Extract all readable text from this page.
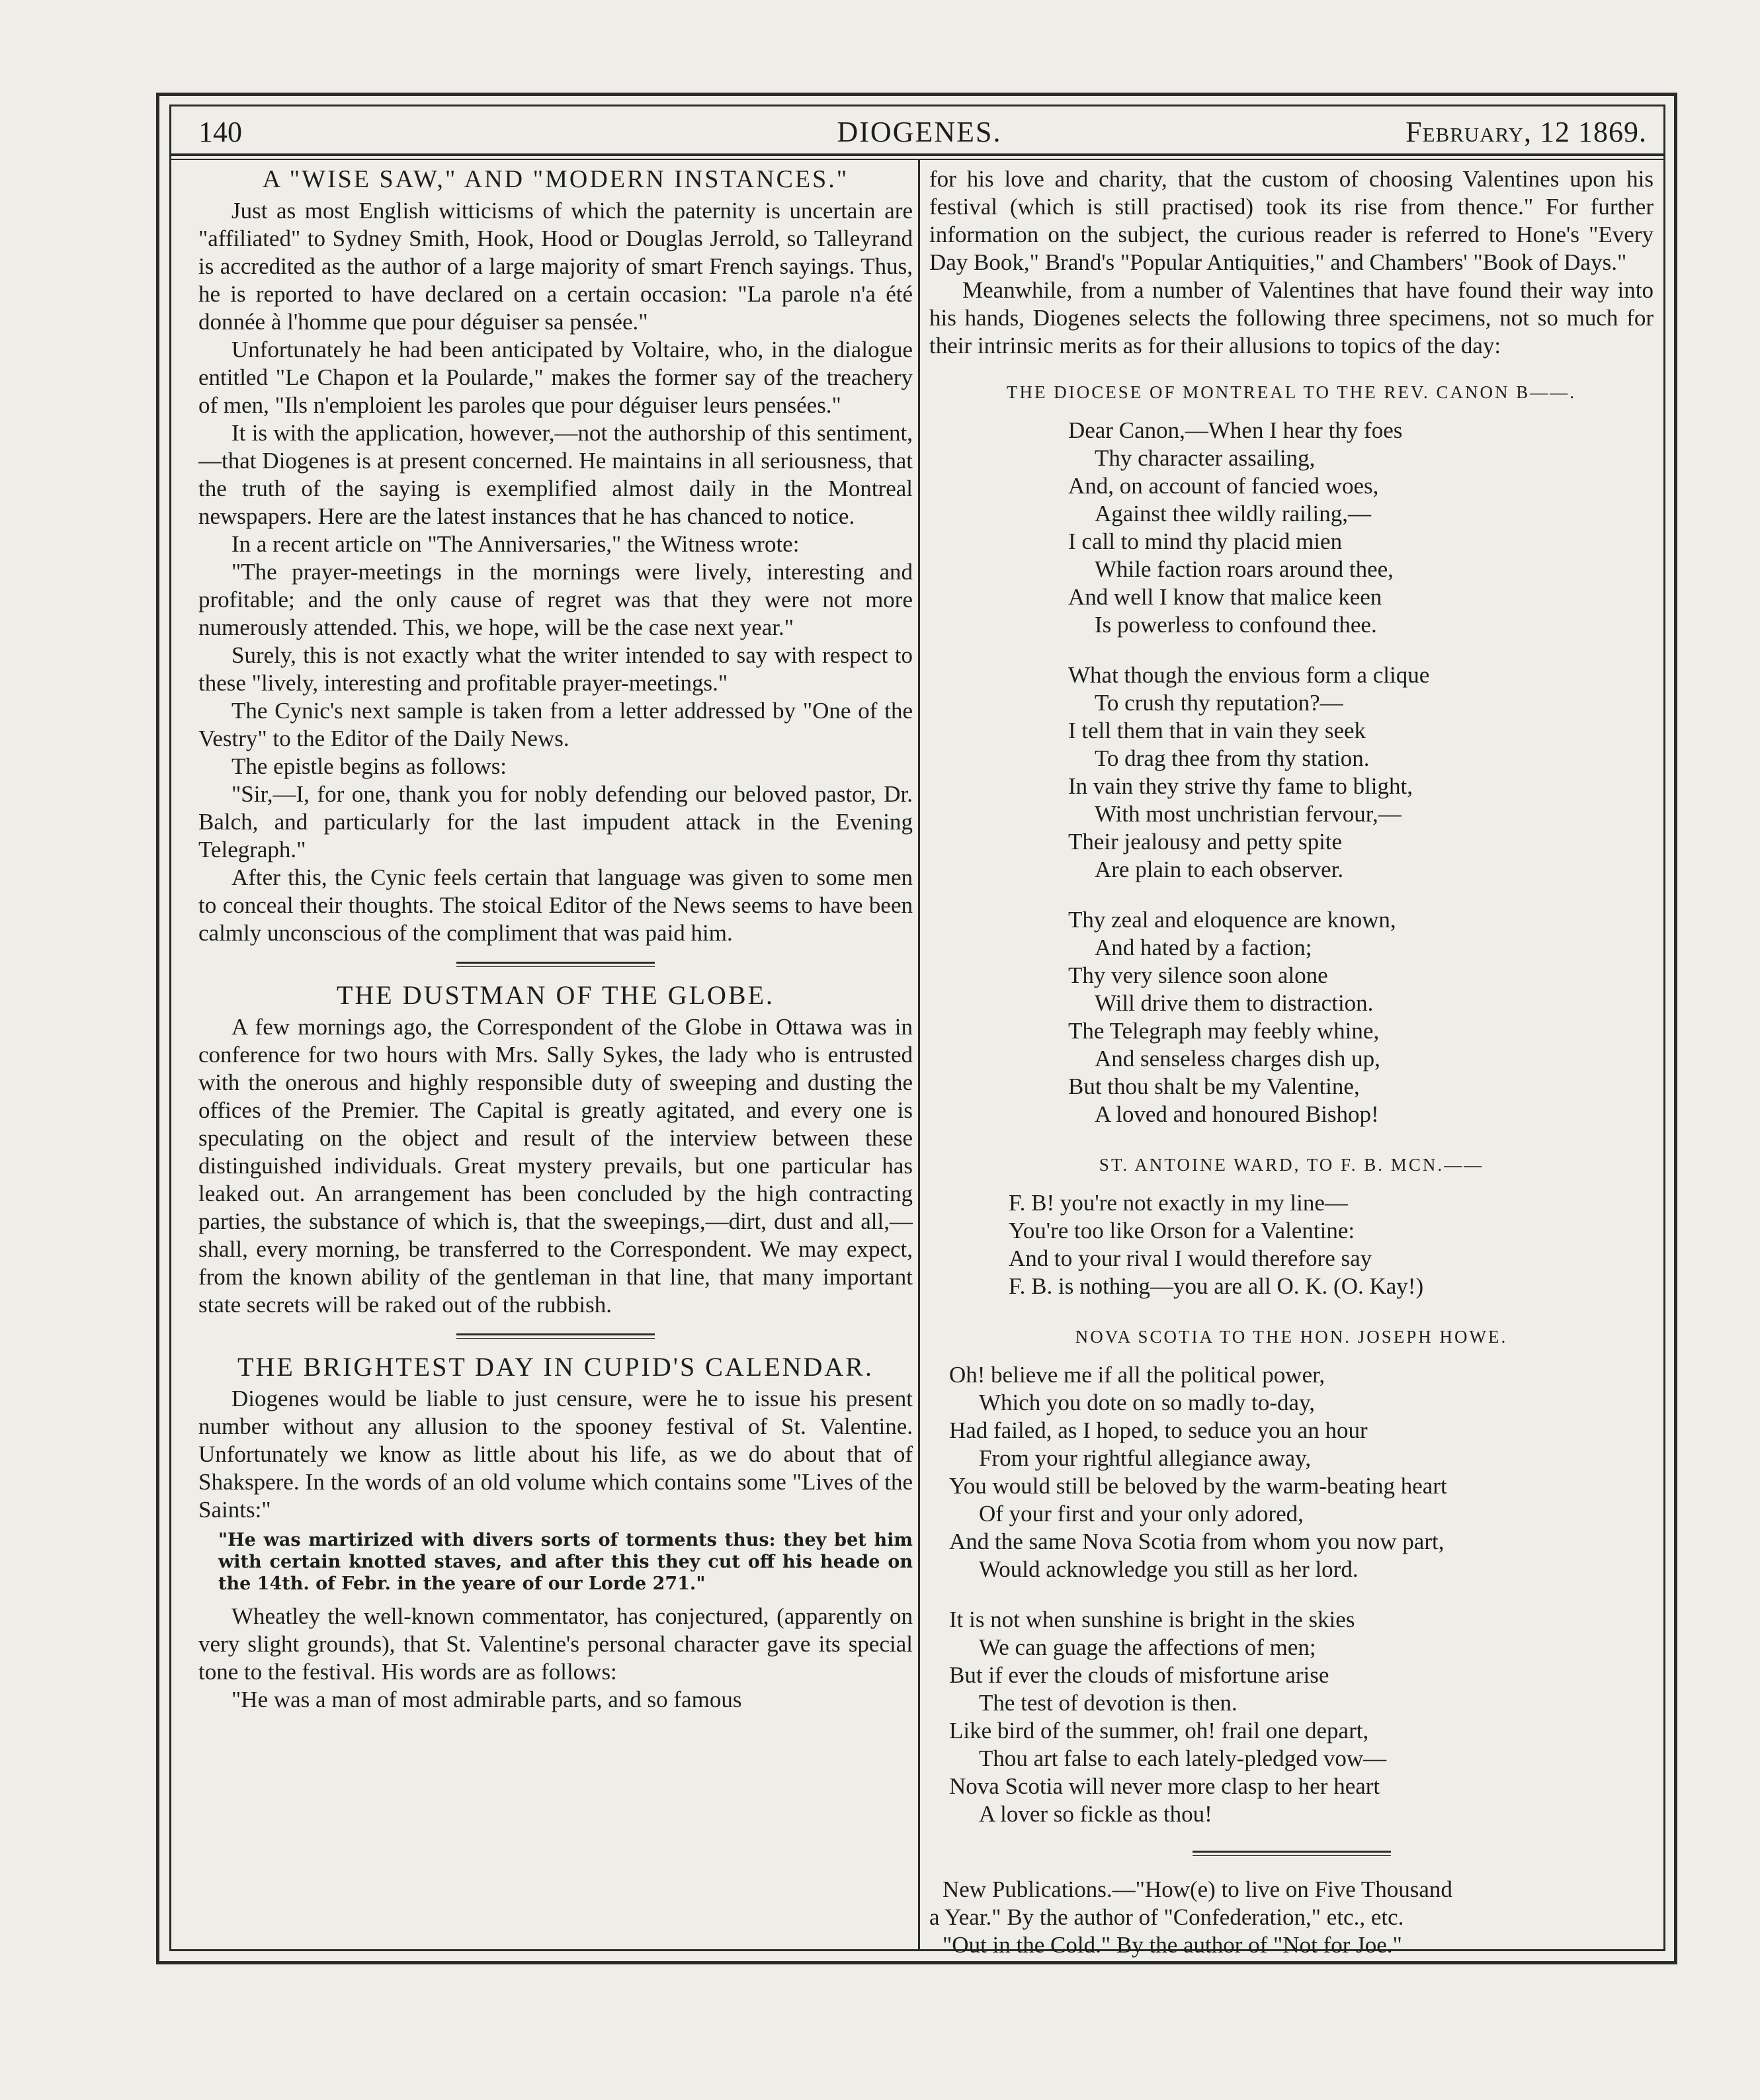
140	DIOGENES.	February, 12 1869.
A "WISE SAW," AND "MODERN INSTANCES."

Just as most English witticisms of which the paternity is uncertain are "affiliated" to Sydney Smith, Hook, Hood or Douglas Jerrold, so Talleyrand is accredited as the author of a large majority of smart French sayings. Thus, he is reported to have declared on a certain occasion: "La parole n'a été donnée à l'homme que pour déguiser sa pensée."

Unfortunately he had been anticipated by Voltaire, who, in the dialogue entitled "Le Chapon et la Poularde," makes the former say of the treachery of men, "Ils n'emploient les paroles que pour déguiser leurs pensées."

It is with the application, however,—not the authorship of this sentiment,—that Diogenes is at present concerned. He maintains in all seriousness, that the truth of the saying is exemplified almost daily in the Montreal newspapers. Here are the latest instances that he has chanced to notice.

In a recent article on "The Anniversaries," the Witness wrote:

"The prayer-meetings in the mornings were lively, interesting and profitable; and the only cause of regret was that they were not more numerously attended. This, we hope, will be the case next year."

Surely, this is not exactly what the writer intended to say with respect to these "lively, interesting and profitable prayer-meetings."

The Cynic's next sample is taken from a letter addressed by "One of the Vestry" to the Editor of the Daily News.

The epistle begins as follows:

"Sir,—I, for one, thank you for nobly defending our beloved pastor, Dr. Balch, and particularly for the last impudent attack in the Evening Telegraph."

After this, the Cynic feels certain that language was given to some men to conceal their thoughts. The stoical Editor of the News seems to have been calmly unconscious of the compliment that was paid him.

THE DUSTMAN OF THE GLOBE.

A few mornings ago, the Correspondent of the Globe in Ottawa was in conference for two hours with Mrs. Sally Sykes, the lady who is entrusted with the onerous and highly responsible duty of sweeping and dusting the offices of the Premier. The Capital is greatly agitated, and every one is speculating on the object and result of the interview between these distinguished individuals. Great mystery prevails, but one particular has leaked out. An arrangement has been concluded by the high contracting parties, the substance of which is, that the sweepings,—dirt, dust and all,—shall, every morning, be transferred to the Correspondent. We may expect, from the known ability of the gentleman in that line, that many important state secrets will be raked out of the rubbish.

THE BRIGHTEST DAY IN CUPID'S CALENDAR.

Diogenes would be liable to just censure, were he to issue his present number without any allusion to the spooney festival of St. Valentine. Unfortunately we know as little about his life, as we do about that of Shakspere. In the words of an old volume which contains some "Lives of the Saints:"

"He was martirized with divers sorts of torments thus: they bet him with certain knotted staves, and after this they cut off his heade on the 14th. of Febr. in the yeare of our Lorde 271."

Wheatley the well-known commentator, has conjectured, (apparently on very slight grounds), that St. Valentine's personal character gave its special tone to the festival. His words are as follows:

"He was a man of most admirable parts, and so famous

for his love and charity, that the custom of choosing Valentines upon his festival (which is still practised) took its rise from thence." For further information on the subject, the curious reader is referred to Hone's "Every Day Book," Brand's "Popular Antiquities," and Chambers' "Book of Days."

Meanwhile, from a number of Valentines that have found their way into his hands, Diogenes selects the following three specimens, not so much for their intrinsic merits as for their allusions to topics of the day:

THE DIOCESE OF MONTREAL TO THE REV. CANON B——.
Dear Canon,—When I hear thy foes
Thy character assailing,
And, on account of fancied woes,
Against thee wildly railing,—
I call to mind thy placid mien
While faction roars around thee,
And well I know that malice keen
Is powerless to confound thee.
What though the envious form a clique
To crush thy reputation?—
I tell them that in vain they seek
To drag thee from thy station.
In vain they strive thy fame to blight,
With most unchristian fervour,—
Their jealousy and petty spite
Are plain to each observer.
Thy zeal and eloquence are known,
And hated by a faction;
Thy very silence soon alone
Will drive them to distraction.
The Telegraph may feebly whine,
And senseless charges dish up,
But thou shalt be my Valentine,
A loved and honoured Bishop!
ST. ANTOINE WARD, TO F. B. MCN.——
F. B! you're not exactly in my line—
You're too like Orson for a Valentine:
And to your rival I would therefore say
F. B. is nothing—you are all O. K. (O. Kay!)
NOVA SCOTIA TO THE HON. JOSEPH HOWE.
Oh! believe me if all the political power,
Which you dote on so madly to-day,
Had failed, as I hoped, to seduce you an hour
From your rightful allegiance away,
You would still be beloved by the warm-beating heart
Of your first and your only adored,
And the same Nova Scotia from whom you now part,
Would acknowledge you still as her lord.
It is not when sunshine is bright in the skies
We can guage the affections of men;
But if ever the clouds of misfortune arise
The test of devotion is then.
Like bird of the summer, oh! frail one depart,
Thou art false to each lately-pledged vow—
Nova Scotia will never more clasp to her heart
A lover so fickle as thou!
New Publications.—"How(e) to live on Five Thousand
a Year." By the author of "Confederation," etc., etc.
"Out in the Cold." By the author of "Not for Joe."
